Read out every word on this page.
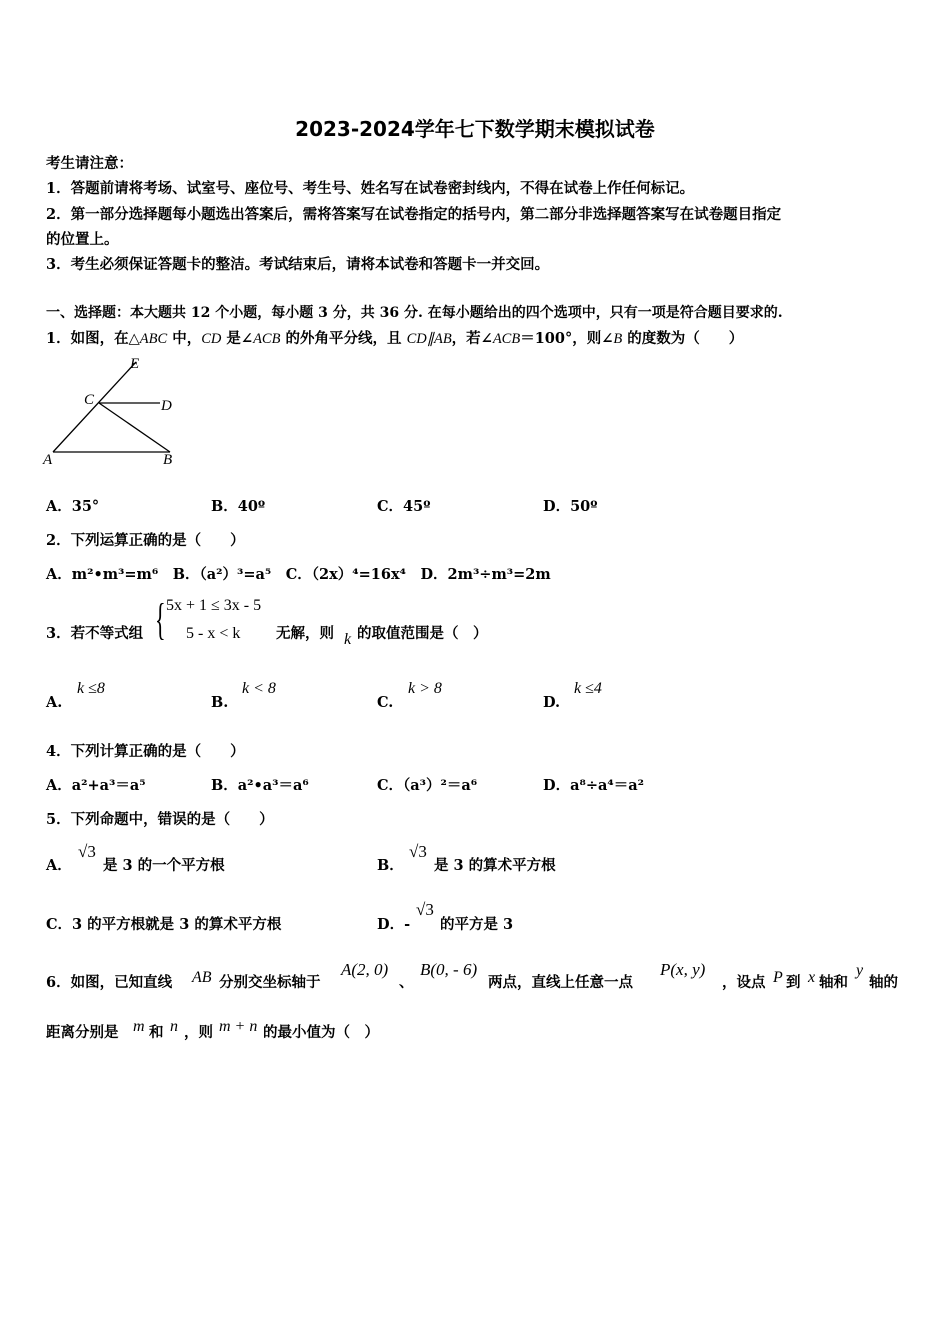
2023-2024学年七下数学期末模拟试卷
考生请注意：
1．答题前请将考场、试室号、座位号、考生号、姓名写在试卷密封线内，不得在试卷上作任何标记。
2．第一部分选择题每小题选出答案后，需将答案写在试卷指定的括号内，第二部分非选择题答案写在试卷题目指定
的位置上。
3．考生必须保证答题卡的整洁。考试结束后，请将本试卷和答题卡一并交回。
一、选择题：本大题共 12 个小题，每小题 3 分，共 36 分. 在每小题给出的四个选项中，只有一项是符合题目要求的.
1．如图，在△ABC 中，CD 是∠ACB 的外角平分线，且 CD∥AB，若∠ACB＝100°，则∠B 的度数为（　　）
E
C	D
A	B
A．35°	B．40º	C．45º	D．50º
2．下列运算正确的是（　　）
A．m²•m³=m⁶　B．（a²）³=a⁵　C．（2x）⁴=16x⁴　D．2m³÷m³=2m
3．若不等式组 { 5x + 1 ≤ 3x - 5
5 - x < k 无解，则 k 的取值范围是（　）
A.
k ≤8
B.
k < 8
C.
k > 8
D.
k ≤4
4．下列计算正确的是（　　）
A．a²+a³＝a⁵	B．a²•a³＝a⁶	C．（a³）²＝a⁶	D．a⁸÷a⁴＝a²
5．下列命题中，错误的是（　　）
A．
√3
是 3 的一个平方根	B．
√3
是 3 的算术平方根
C．3 的平方根就是 3 的算术平方根	D．-
√3
的平方是 3
6．如图，已知直线 AB 分别交坐标轴于
A(2, 0)
、
B(0, - 6)
两点，直线上任意一点
P(x, y)
，设点 P 到 x 轴和
y
轴的
距离分别是 m 和 n ，则 m + n 的最小值为（　）
